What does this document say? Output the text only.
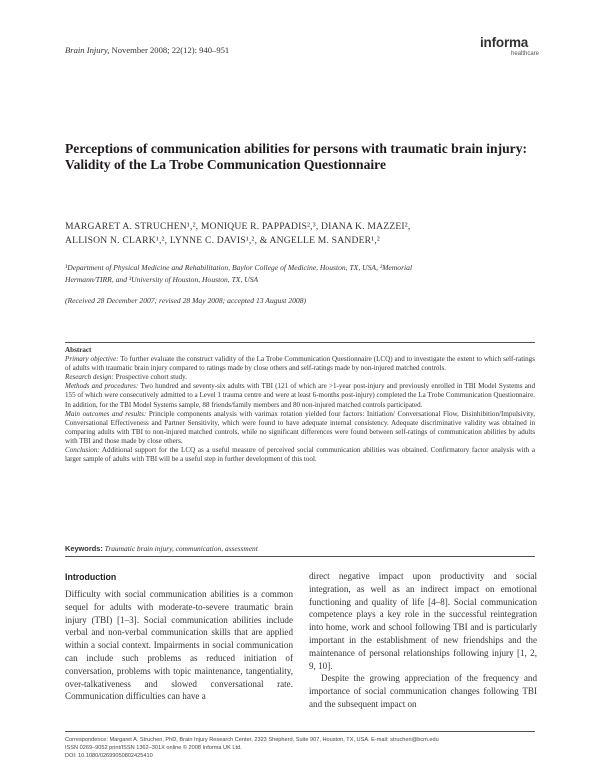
Brain Injury, November 2008; 22(12): 940–951	informa
healthcare
Perceptions of communication abilities for persons with traumatic brain injury: Validity of the La Trobe Communication Questionnaire
MARGARET A. STRUCHEN¹,², MONIQUE R. PAPPADIS²,³, DIANA K. MAZZEI²,
ALLISON N. CLARK¹,², LYNNE C. DAVIS¹,², & ANGELLE M. SANDER¹,²
¹Department of Physical Medicine and Rehabilitation, Baylor College of Medicine, Houston, TX, USA, ²Memorial
Hermann/TIRR, and ³University of Houston, Houston, TX, USA
(Received 28 December 2007; revised 28 May 2008; accepted 13 August 2008)
Abstract

Primary objective: To further evaluate the construct validity of the La Trobe Communication Questionnaire (LCQ) and to investigate the extent to which self-ratings of adults with traumatic brain injury compared to ratings made by close others and self-ratings made by non-injured matched controls.

Research design: Prospective cohort study.

Methods and procedures: Two hundred and seventy-six adults with TBI (121 of which are >1-year post-injury and previously enrolled in TBI Model Systems and 155 of which were consecutively admitted to a Level 1 trauma centre and were at least 6-months post-injury) completed the La Trobe Communication Questionnaire. In addition, for the TBI Model Systems sample, 88 friends/family members and 80 non-injured matched controls participated.

Main outcomes and results: Principle components analysis with varimax rotation yielded four factors: Initiation/ Conversational Flow, Disinhibition/Impulsivity, Conversational Effectiveness and Partner Sensitivity, which were found to have adequate internal consistency. Adequate discriminative validity was obtained in comparing adults with TBI to non-injured matched controls, while no significant differences were found between self-ratings of communication abilities by adults with TBI and those made by close others.

Conclusion: Additional support for the LCQ as a useful measure of perceived social communication abilities was obtained. Confirmatory factor analysis with a larger sample of adults with TBI will be a useful step in further development of this tool.

Keywords: Traumatic brain injury, communication, assessment
Introduction

Difficulty with social communication abilities is a common sequel for adults with moderate-to-severe traumatic brain injury (TBI) [1–3]. Social communication abilities include verbal and non-verbal communication skills that are applied within a social context. Impairments in social communication can include such problems as reduced initiation of conversation, problems with topic maintenance, tangentiality, over-talkativeness and slowed conversational rate. Communication difficulties can have a

direct negative impact upon productivity and social integration, as well as an indirect impact on emotional functioning and quality of life [4–8]. Social communication competence plays a key role in the successful reintegration into home, work and school following TBI and is particularly important in the establishment of new friendships and the maintenance of personal relationships following injury [1, 2, 9, 10].

Despite the growing appreciation of the frequency and importance of social communication changes following TBI and the subsequent impact on

Correspondence: Margaret A. Struchen, PhD, Brain Injury Research Center, 2323 Shepherd, Suite 907, Houston, TX, USA. E-mail: struchen@bcm.edu
ISSN 0269–9052 print/ISSN 1362–301X online © 2008 Informa UK Ltd.
DOI: 10.1080/02699050802425410
